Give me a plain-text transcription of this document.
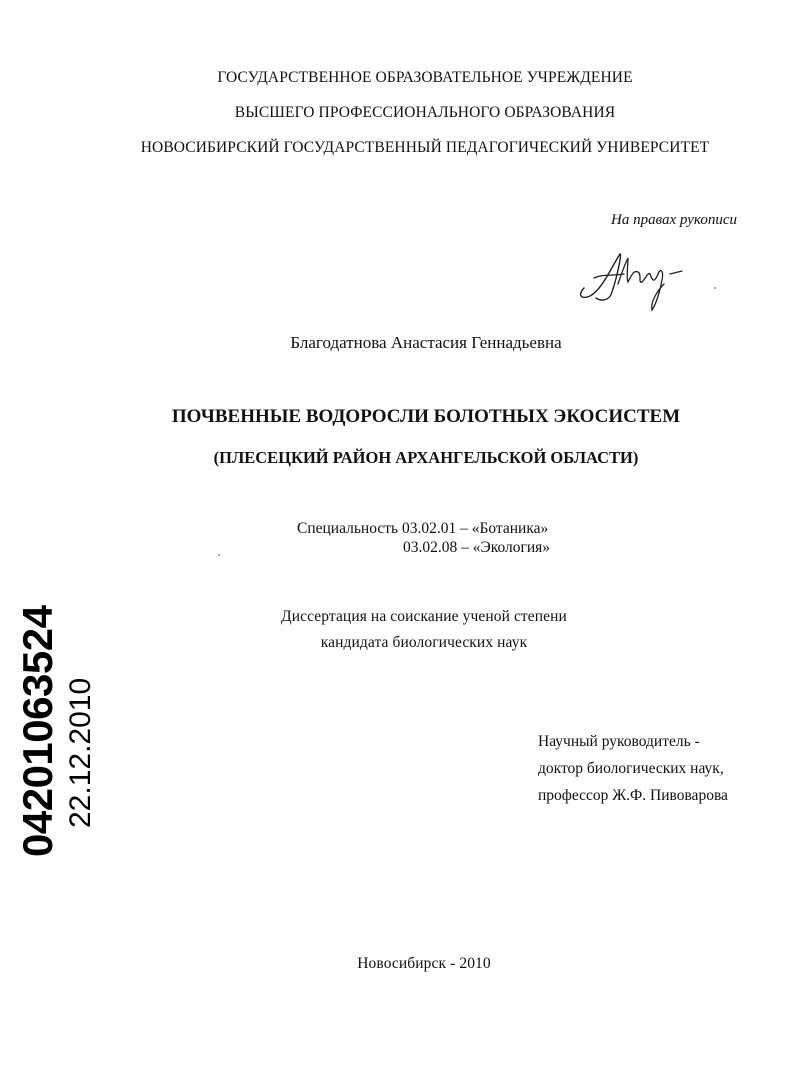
ГОСУДАРСТВЕННОЕ ОБРАЗОВАТЕЛЬНОЕ УЧРЕЖДЕНИЕ
ВЫСШЕГО ПРОФЕССИОНАЛЬНОГО ОБРАЗОВАНИЯ
НОВОСИБИРСКИЙ ГОСУДАРСТВЕННЫЙ ПЕДАГОГИЧЕСКИЙ УНИВЕРСИТЕТ
На правах рукописи
Благодатнова Анастасия Геннадьевна
ПОЧВЕННЫЕ ВОДОРОСЛИ БОЛОТНЫХ ЭКОСИСТЕМ
(ПЛЕСЕЦКИЙ РАЙОН АРХАНГЕЛЬСКОЙ ОБЛАСТИ)
Специальность 03.02.01 – «Ботаника»
03.02.08 – «Экология»
Диссертация на соискание ученой степени
кандидата биологических наук
Научный руководитель -
доктор биологических наук,
профессор Ж.Ф. Пивоварова
Новосибирск - 2010
04201063524 22.12.2010
